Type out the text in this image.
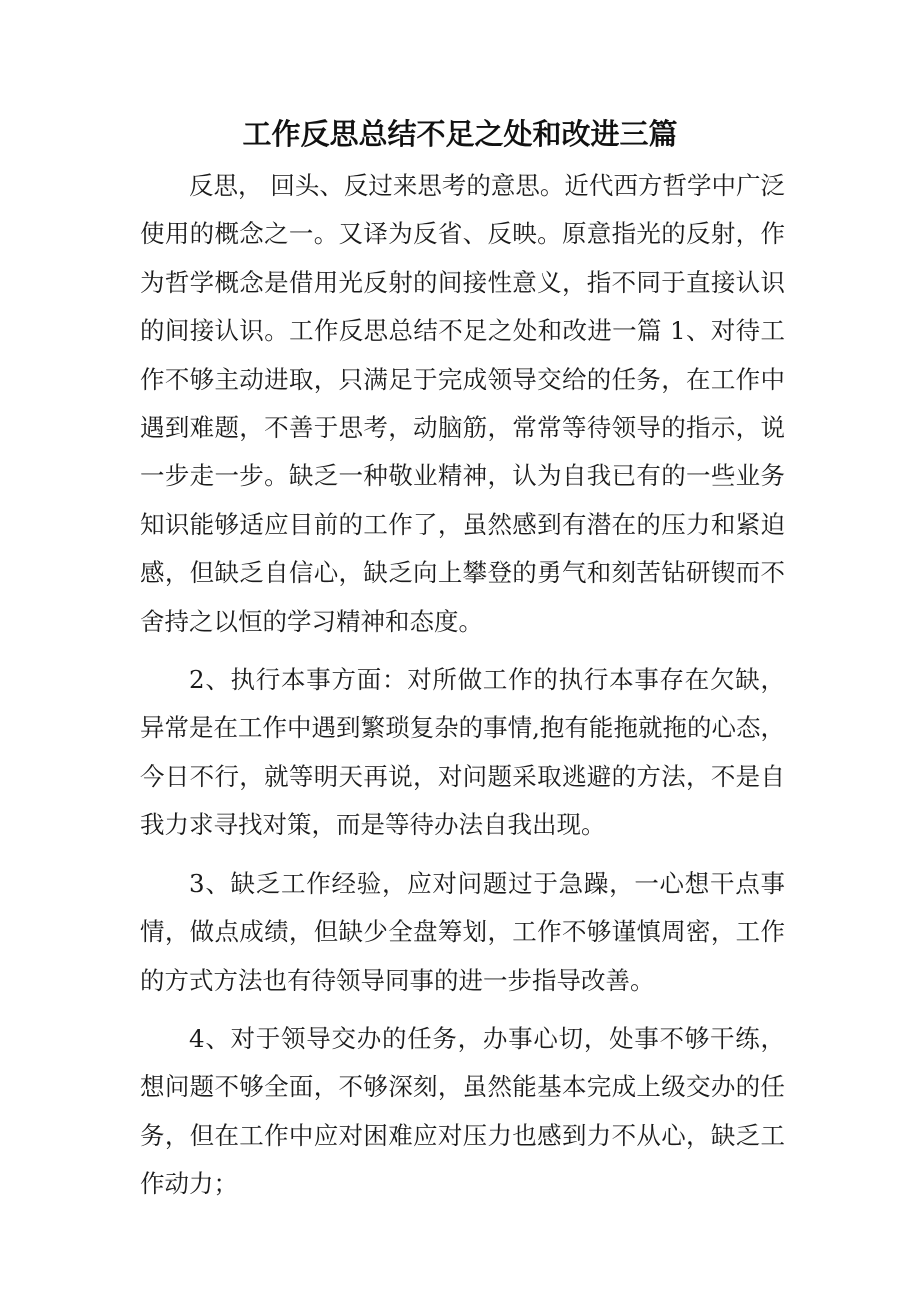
工作反思总结不足之处和改进三篇

反思， 回头、反过来思考的意思。近代西方哲学中广泛使用的概念之一。又译为反省、反映。原意指光的反射，作为哲学概念是借用光反射的间接性意义，指不同于直接认识的间接认识。工作反思总结不足之处和改进一篇 1、对待工作不够主动进取，只满足于完成领导交给的任务，在工作中遇到难题，不善于思考，动脑筋，常常等待领导的指示，说一步走一步。缺乏一种敬业精神，认为自我已有的一些业务知识能够适应目前的工作了，虽然感到有潜在的压力和紧迫感，但缺乏自信心，缺乏向上攀登的勇气和刻苦钻研锲而不舍持之以恒的学习精神和态度。

2、执行本事方面：对所做工作的执行本事存在欠缺，异常是在工作中遇到繁琐复杂的事情,抱有能拖就拖的心态，今日不行，就等明天再说，对问题采取逃避的方法，不是自我力求寻找对策，而是等待办法自我出现。

3、缺乏工作经验，应对问题过于急躁，一心想干点事情，做点成绩，但缺少全盘筹划，工作不够谨慎周密，工作的方式方法也有待领导同事的进一步指导改善。

4、对于领导交办的任务，办事心切，处事不够干练，想问题不够全面，不够深刻，虽然能基本完成上级交办的任务，但在工作中应对困难应对压力也感到力不从心，缺乏工作动力；
